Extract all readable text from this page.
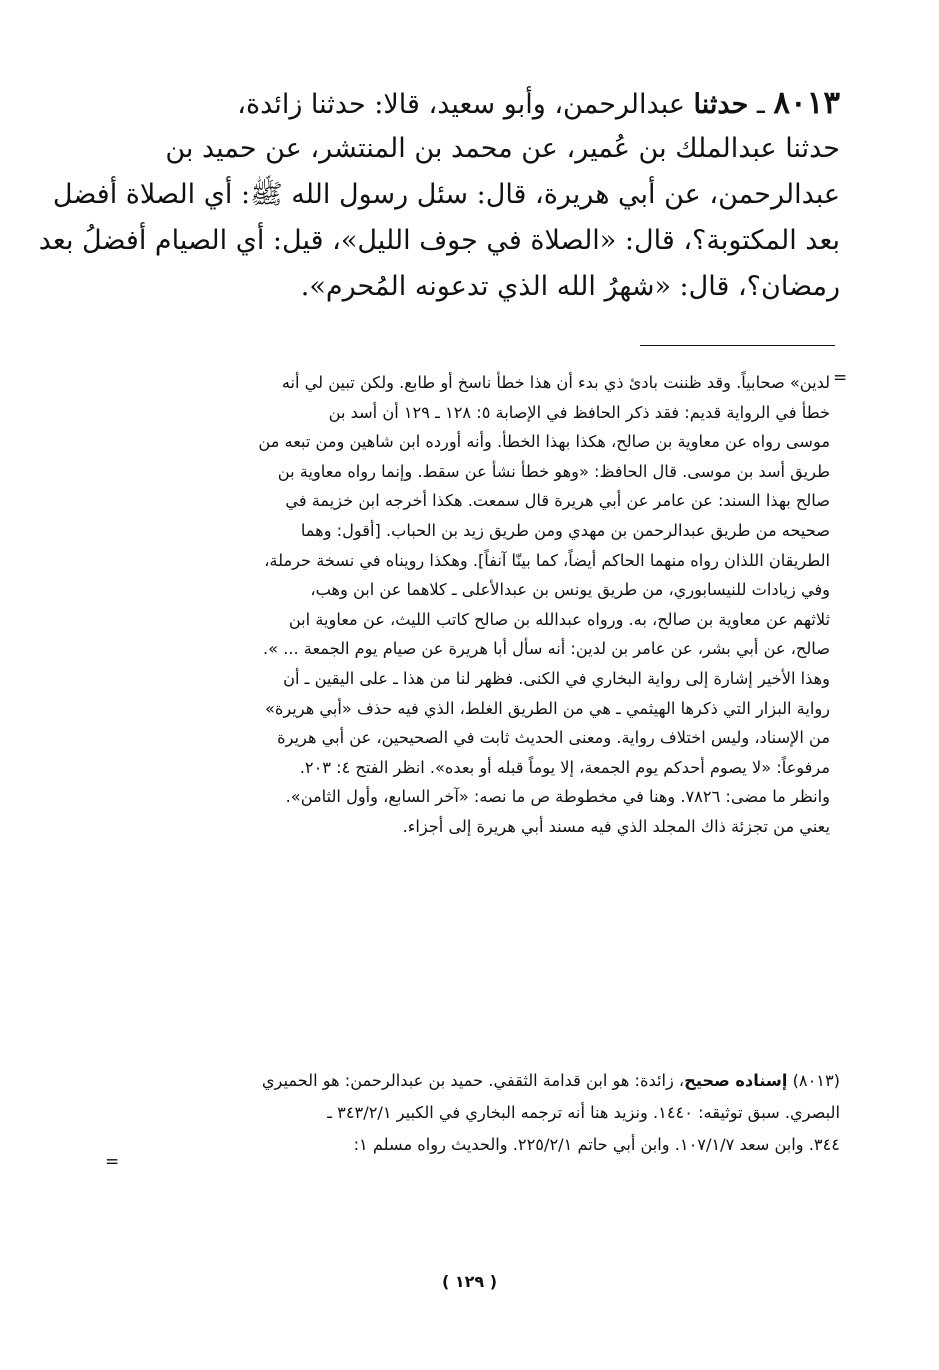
٨٠١٣ ـ حدثنا عبدالرحمن، وأبو سعيد، قالا: حدثنا زائدة،
حدثنا عبدالملك بن عُمير، عن محمد بن المنتشر، عن حميد بن
عبدالرحمن، عن أبي هريرة، قال: سئل رسول الله ﷺ: أي الصلاة أفضل
بعد المكتوبة؟، قال: «الصلاة في جوف الليل»، قيل: أي الصيام أفضلُ بعد
رمضان؟، قال: «شهرُ الله الذي تدعونه المُحرم».
=
لدين» صحابياً. وقد ظننت بادئ ذي بدء أن هذا خطأ ناسخ أو طابع. ولكن تبين لي أنه
خطأ في الرواية قديم: فقد ذكر الحافظ في الإصابة ٥: ١٢٨ ـ ١٢٩ أن أسد بن
موسى رواه عن معاوية بن صالح، هكذا بهذا الخطأ. وأنه أورده ابن شاهين ومن تبعه من
طريق أسد بن موسى. قال الحافظ: «وهو خطأ نشأ عن سقط. وإنما رواه معاوية بن
صالح بهذا السند: عن عامر عن أبي هريرة قال سمعت. هكذا أخرجه ابن خزيمة في
صحيحه من طريق عبدالرحمن بن مهدي ومن طريق زيد بن الحباب. [أقول: وهما
الطريقان اللذان رواه منهما الحاكم أيضاً، كما بينّا آنفاً]. وهكذا رويناه في نسخة حرملة،
وفي زيادات للنيسابوري، من طريق يونس بن عبدالأعلى ـ كلاهما عن ابن وهب،
ثلاثهم عن معاوية بن صالح، به. ورواه عبدالله بن صالح كاتب الليث، عن معاوية ابن
صالح، عن أبي بشر، عن عامر بن لدين: أنه سأل أبا هريرة عن صيام يوم الجمعة ... ».
وهذا الأخير إشارة إلى رواية البخاري في الكنى. فظهر لنا من هذا ـ على اليقين ـ أن
رواية البزار التي ذكرها الهيثمي ـ هي من الطريق الغلط، الذي فيه حذف «أبي هريرة»
من الإسناد، وليس اختلاف رواية. ومعنى الحديث ثابت في الصحيحين، عن أبي هريرة
مرفوعاً: «لا يصوم أحدكم يوم الجمعة، إلا يوماً قبله أو بعده». انظر الفتح ٤: ٢٠٣.
وانظر ما مضى: ٧٨٢٦. وهنا في مخطوطة ص ما نصه: «آخر السابع، وأول الثامن».
يعني من تجزئة ذاك المجلد الذي فيه مسند أبي هريرة إلى أجزاء.
(٨٠١٣) إسناده صحيح، زائدة: هو ابن قدامة الثقفي. حميد بن عبدالرحمن: هو الحميري
البصري. سبق توثيقه: ١٤٤٠. ونزيد هنا أنه ترجمه البخاري في الكبير ٣٤٣/٢/١ ـ
٣٤٤. وابن سعد ١٠٧/١/٧. وابن أبي حاتم ٢٢٥/٢/١. والحديث رواه مسلم ١:
=
( ١٢٩ )
